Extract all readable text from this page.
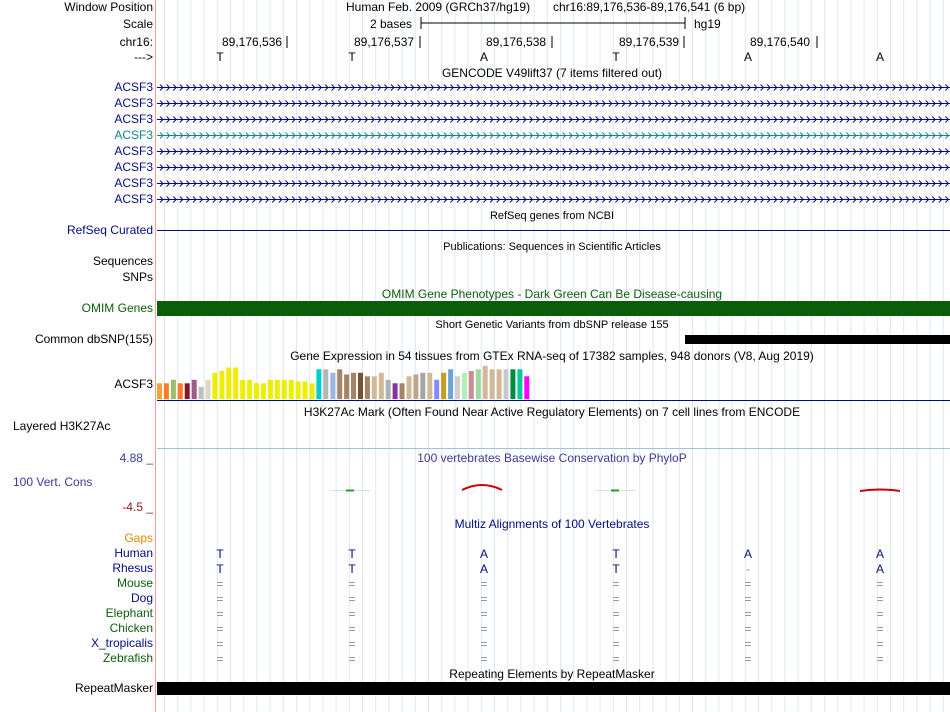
Window Position	Human Feb. 2009 (GRCh37/hg19) chr16:89,176,536-89,176,541 (6 bp)
Scale	2 bases	hg19
chr16:	89,176,536	89,176,537	89,176,538	89,176,539	89,176,540
--->	T	T	A	T	A	A
GENCODE V49lift37 (7 items filtered out)
ACSF3
ACSF3
ACSF3
ACSF3
ACSF3
ACSF3
ACSF3
ACSF3
RefSeq genes from NCBI
RefSeq Curated
Publications: Sequences in Scientific Articles
Sequences
SNPs
OMIM Gene Phenotypes - Dark Green Can Be Disease-causing
OMIM Genes
Short Genetic Variants from dbSNP release 155
Common dbSNP(155)
Gene Expression in 54 tissues from GTEx RNA-seq of 17382 samples, 948 donors (V8, Aug 2019)
ACSF3
H3K27Ac Mark (Often Found Near Active Regulatory Elements) on 7 cell lines from ENCODE
Layered H3K27Ac
4.88 _	100 vertebrates Basewise Conservation by PhyloP
100 Vert. Cons
-4.5 _
Multiz Alignments of 100 Vertebrates
Gaps
Human	T	T	A	T	A	A
Rhesus	T	T	A	T	-	A
Mouse	=	=	=	=	=	=
Dog	=	=	=	=	=	=
Elephant	=	=	=	=	=	=
Chicken	=	=	=	=	=	=
X_tropicalis	=	=	=	=	=	=
Zebrafish	=	=	=	=	=	=
Repeating Elements by RepeatMasker
RepeatMasker
